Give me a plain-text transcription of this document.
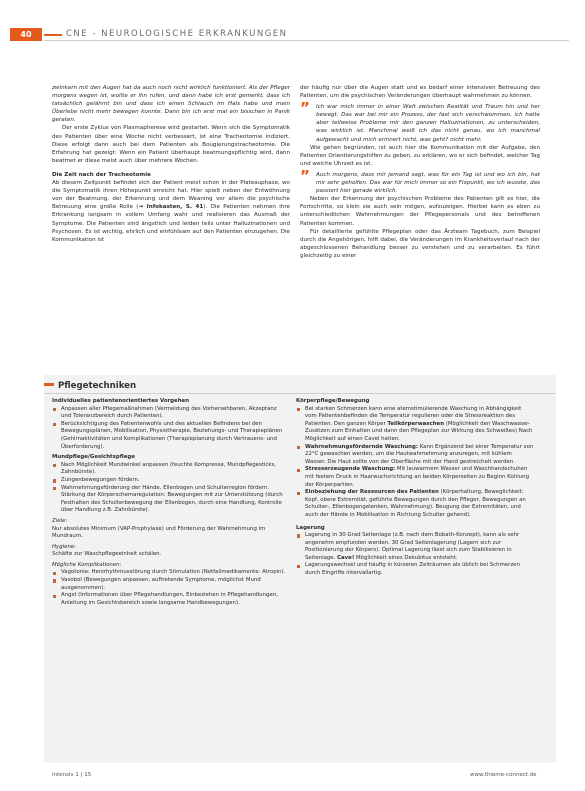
40	CNE - NEUROLOGISCHE ERKRANKUNGEN

zwinkern mit den Augen hat da auch noch nicht wirklich funktioniert. Als der Pfleger morgens wegen ist, wollte er ihn rufen, und dann habe ich erst gemerkt, dass ich tatsächlich gelähmt bin und dass ich einen Schlauch im Hals habe und mein Überlebe nicht mehr bewegen konnte. Dann bin ich erst mal ein bisschen in Panik geraten.

Der erste Zyklus von Plasmapherese wird gestartet. Wenn sich die Symptomatik des Patienten über eine Woche nicht verbessert, ist eine Tracheotomie indiziert. Diese erfolgt dann auch bei dem Patienten als Bougierungstracheotomie. Die Erfahrung hat gezeigt: Wenn ein Patient überhaupt beatmungspflichtig wird, dann beatmet er diese meist auch über mehrere Wochen.

Die Zeit nach der Tracheotomie

Ab diesem Zeitpunkt befindet sich der Patient meist schon in der Plateauphase, wo die Symptomatik ihren Höhepunkt erreicht hat. Hier spielt neben der Entwöhnung von der Beatmung, der Erkennung und dem Weaning vor allem die psychische Betreuung eine große Rolle (→ Infokasten, S. 41). Die Patienten nehmen ihre Erkrankung langsam in vollem Umfang wahr und realisieren das Ausmaß der Symptome. Die Patienten sind ängstlich und leiden teils unter Halluzinationen und Psychosen. Es ist wichtig, ehrlich und einfühlsam auf den Patienten einzugehen. Die Kommunikation ist

der häufig nur über die Augen statt und es bedarf einer intensiven Betreuung des Patienten, um die psychischen Veränderungen überhaupt wahrnehmen zu können.

” Ich war mich immer in einer Welt zwischen Realität und Traum hin und her bewegt. Das war bei mir ein Prozess, der fast sich verschwommen, ich hatte aber teilweise Probleme mir den ganzen Halluzinationen, zu unterscheiden, was wirklich ist. Manchmal weiß ich das nicht genau, wo ich manchmal aufgewacht und mich erinnert nicht, was geht? nicht mehr.

Wie gehen begründen, ist auch hier die Kommunikation mit der Aufgabe, den Patienten Orientierungshilfen zu geben, zu erklären, wo er sich befindet, welcher Tag und welche Uhrzeit es ist.

” Auch morgens, dass mir jemand sagt, was für ein Tag ist und wo ich bin, hat mir sehr geholfen. Das war für mich immer so ein Fixpunkt, wo ich wusste, das passiert hier gerade wirklich.

Neben der Erkennung der psychischen Probleme des Patienten gilt es hier, die Fortschritte, so klein sie auch sein mögen, aufzuzeigen. Hierbei kann es eben zu unterschiedlichen Wahrnehmungen der Pflegepersonals und des betroffenen Patienten kommen.

Für detaillierte gefühlte Pflegeplan oder das Ärzteam Tagebuch, zum Beispiel durch die Angehörigen, hilft dabei, die Veränderungen im Krankheitsverlauf nach der abgeschlossenen Behandlung besser zu verstehen und zu verarbeiten. Es führt gleichzeitig zu einer

Pflegetechniken
Individuelles patientenorientiertes Vorgehen
Anpassen aller Pflegemaßnahmen (Vermeidung des Vorhersehbaren, Akzeptanz und Toleranzbereich durch Patienten).
Berücksichtigung des Patientenwohls und des aktuellen Befindens bei den Bewegungsplänen, Mobilisation, Physiotherapie, Beziehungs- und Therapieplänen (Gehirnaktivitäten und Komplikationen (Therapieplanung durch Vertrauens- und Überforderung).
Mundpflege/Gesichtspflege
Nach Möglichkeit Mundwinkel anpassen (feuchte Kompresse, Mundpflegesticks, Zahnbürste).
Zungenbewegungen fördern.
Wahrnehmungsförderung der Hände, Ellenbogen und Schulterregion fördern. Stärkung der Körperschemaregulation: Bewegungen mit zur Unterstützung (durch Festhalten des Schulterbewegung der Ellenbogen, durch eine Handlung, Kontrolle über Handlung z.B. Zahnbürste).
Ziele:

Nur absolutes Minimum (VAP-Prophylaxe) und Förderung der Wahrnehmung im Mundraum.

Hygiene:

Schäfte zur Waschpflegeeinheit schälen.

Mögliche Komplikationen:
Vagotonie: Herzrhythmusstörung durch Stimulation (Notfallmedikamente: Atropin).
Vasobol (Bewegungen anpassen, auftretende Symptome, möglichst Mund ausgenommen).
Angst (Informationen über Pflegehandlungen, Einbeziehen in Pflegehandlungen, Anleitung im Gesichtsbereich sowie langsame Handbewegungen).
Körperpflege/Bewegung
Bei starken Schmerzen kann eine atemstimulierende Waschung in Abhängigkeit vom Patientenbefinden die Temperatur regulieren oder die Stressreaktion des Patienten. Den ganzen Körper Teilkörperwaschen (Möglichkeit den Waschwasser-Zusätzen zum Einhalten und dann den Pflegeplan zur Wirkung des Schweißes) Nach Möglichkeit auf einen Cavel halten.
Wahrnehmungsfördernde Waschung: Kann Ergänzend bei einer Temperatur von 22°C gewaschen werden, um die Hautwahrnehmung anzuregen, mit kühlem Wasser. Die Haut sollte von der Oberfläche mit der Hand gestreichelt werden.
Stresserzeugende Waschung: Mit lauwarmem Wasser und Waschhandschuhen mit festem Druck in Haarwuchsrichtung an beiden Körperseiten zu Beginn Kühlung der Körperpartien.
Einbeziehung der Ressourcen des Patienten (Körperhaltung, Beweglichkeit: Kopf, obere Extremität, geführte Bewegungen durch den Pfleger, Bewegungen an Schulter-, Ellenbogengelenken, Wahrnehmung). Beugung der Extremitäten, und auch der Hände in Mobilisation in Richtung Schulter gehend).
Lagerung
Lagerung in 30 Grad Seitenlage (z.B. nach dem Bobath-Konzept), kann als sehr angenehm empfunden werden. 30 Grad Seitenlagerung (Lagern sich zur Positionierung der Körpers). Optimal Lagerung lässt sich zum Stabilisieren in Seitenlage. Cave! Möglichkeit eines Dekubitus entsteht.
Lagerungswechsel und häufig in kürzeren Zeiträumen als üblich bei Schmerzen durch Eingriffe intervallartig.
intensiv 1 | 15	www.thieme-connect.de
